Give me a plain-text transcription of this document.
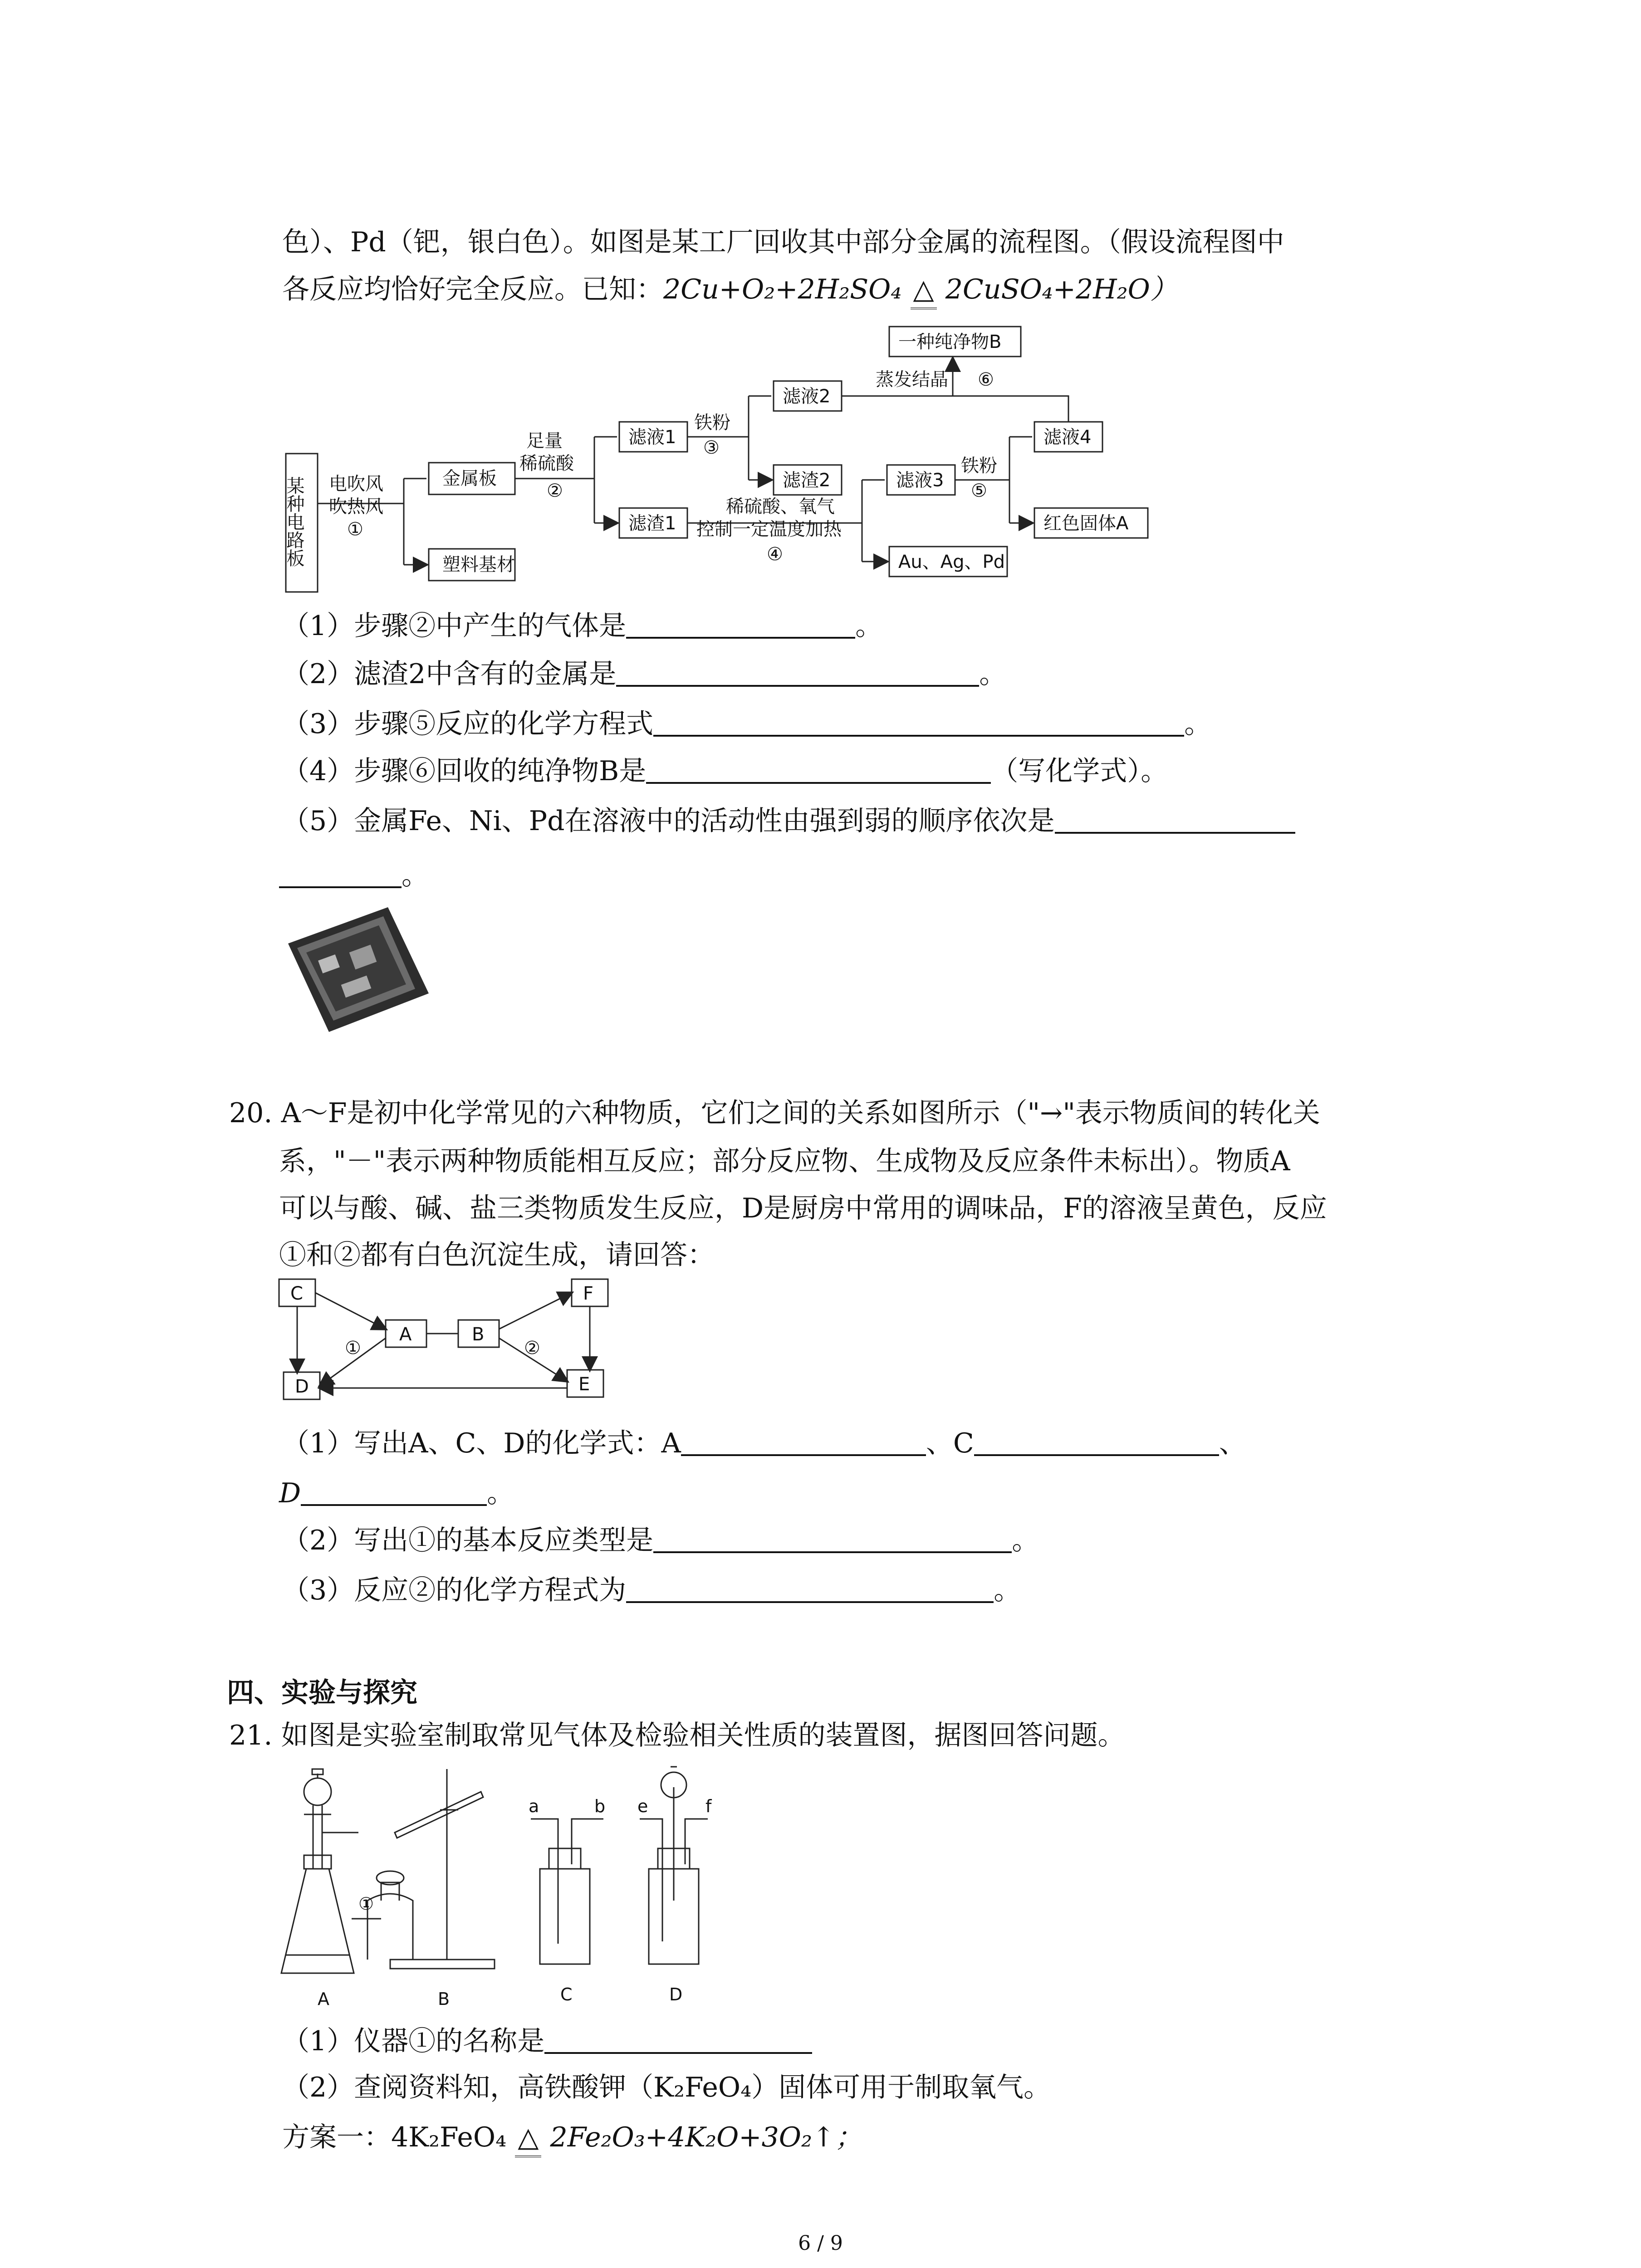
色）、Pd（钯，银白色）。如图是某工厂回收其中部分金属的流程图。（假设流程图中
各反应均恰好完全反应。已知：2Cu+O₂+2H₂SO₄ △ 2CuSO₄+2H₂O）
某种电路板	金属板
塑料基材
电吹风
吹热风
①
足量
稀硫酸
②
滤液1
滤渣1
铁粉
③
滤液2
滤渣2
一种纯净物B
蒸发结晶 ⑥
稀硫酸、氧气
控制一定温度加热
④
滤液3
Au、Ag、Pd
铁粉
⑤
滤液4
红色固体A
（1）步骤②中产生的气体是	。
（2）滤渣2中含有的金属是	。
（3）步骤⑤反应的化学方程式	。
（4）步骤⑥回收的纯净物B是	（写化学式）。
（5）金属Fe、Ni、Pd在溶液中的活动性由强到弱的顺序依次是
。
20. A～F是初中化学常见的六种物质，它们之间的关系如图所示（"→"表示物质间的转化关
系，"－"表示两种物质能相互反应；部分反应物、生成物及反应条件未标出）。物质A
可以与酸、碱、盐三类物质发生反应，D是厨房中常用的调味品，F的溶液呈黄色，反应
①和②都有白色沉淀生成，请回答：
C	F
A	B
D	E
①	②
（1）写出A、C、D的化学式：A	、C	、
D	。
（2）写出①的基本反应类型是	。
（3）反应②的化学方程式为	。
四、实验与探究
21. 如图是实验室制取常见气体及检验相关性质的装置图，据图回答问题。
A	B	C	D
a	b e	f
①
（1）仪器①的名称是
（2）查阅资料知，高铁酸钾（K₂FeO₄）固体可用于制取氧气。
方案一：4K₂FeO₄ △ 2Fe₂O₃+4K₂O+3O₂↑；
6 / 9
